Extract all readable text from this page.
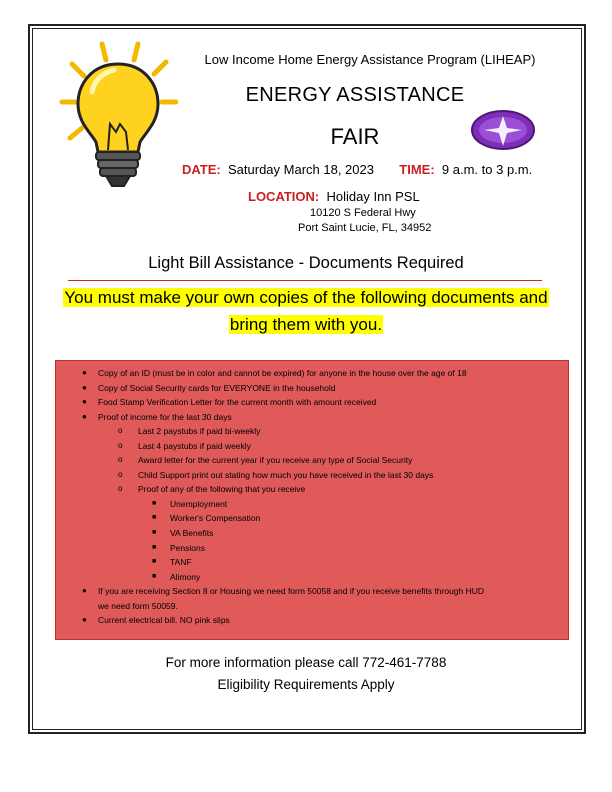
Low Income Home Energy Assistance Program (LIHEAP)
ENERGY ASSISTANCE
FAIR
DATE: Saturday March 18, 2023 TIME: 9 a.m. to 3 p.m.
LOCATION: Holiday Inn PSL
10120 S Federal Hwy
Port Saint Lucie, FL, 34952
Light Bill Assistance - Documents Required
You must make your own copies of the following documents and
bring them with you.
● Copy of an ID (must be in color and cannot be expired) for anyone in the house over the age of 18
● Copy of Social Security cards for EVERYONE in the household
● Food Stamp Verification Letter for the current month with amount received
● Proof of income for the last 30 days
o Last 2 paystubs if paid bi-weekly
o Last 4 paystubs if paid weekly
o Award letter for the current year if you receive any type of Social Security
o Child Support print out stating how much you have received in the last 30 days
o Proof of any of the following that you receive
■ Unemployment
■ Worker's Compensation
■ VA Benefits
■ Pensions
■ TANF
■ Alimony
● If you are receiving Section 8 or Housing we need form 50058 and if you receive benefits through HUD
we need form 50059.
● Current electrical bill. NO pink slips
For more information please call 772-461-7788
Eligibility Requirements Apply
